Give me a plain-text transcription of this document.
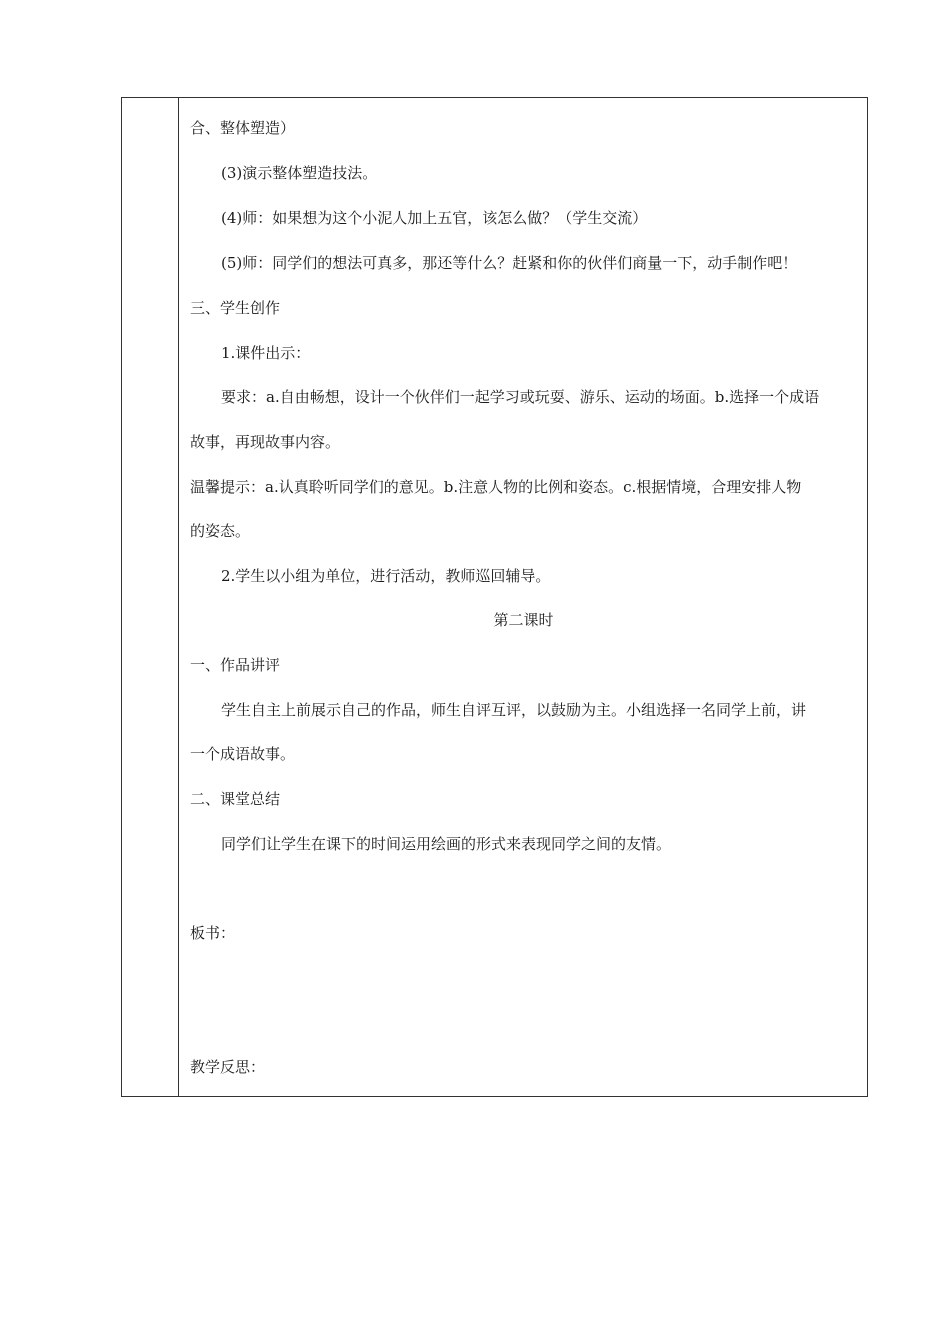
合、整体塑造）
(3)演示整体塑造技法。
(4)师：如果想为这个小泥人加上五官，该怎么做？（学生交流）
(5)师：同学们的想法可真多，那还等什么？赶紧和你的伙伴们商量一下，动手制作吧！
三、学生创作
1.课件出示：
要求：a.自由畅想，设计一个伙伴们一起学习或玩耍、游乐、运动的场面。b.选择一个成语
故事，再现故事内容。
温馨提示：a.认真聆听同学们的意见。b.注意人物的比例和姿态。c.根据情境，合理安排人物
的姿态。
2.学生以小组为单位，进行活动，教师巡回辅导。
第二课时
一、作品讲评
学生自主上前展示自己的作品，师生自评互评，以鼓励为主。小组选择一名同学上前，讲
一个成语故事。
二、课堂总结
同学们让学生在课下的时间运用绘画的形式来表现同学之间的友情。
板书：
教学反思：
